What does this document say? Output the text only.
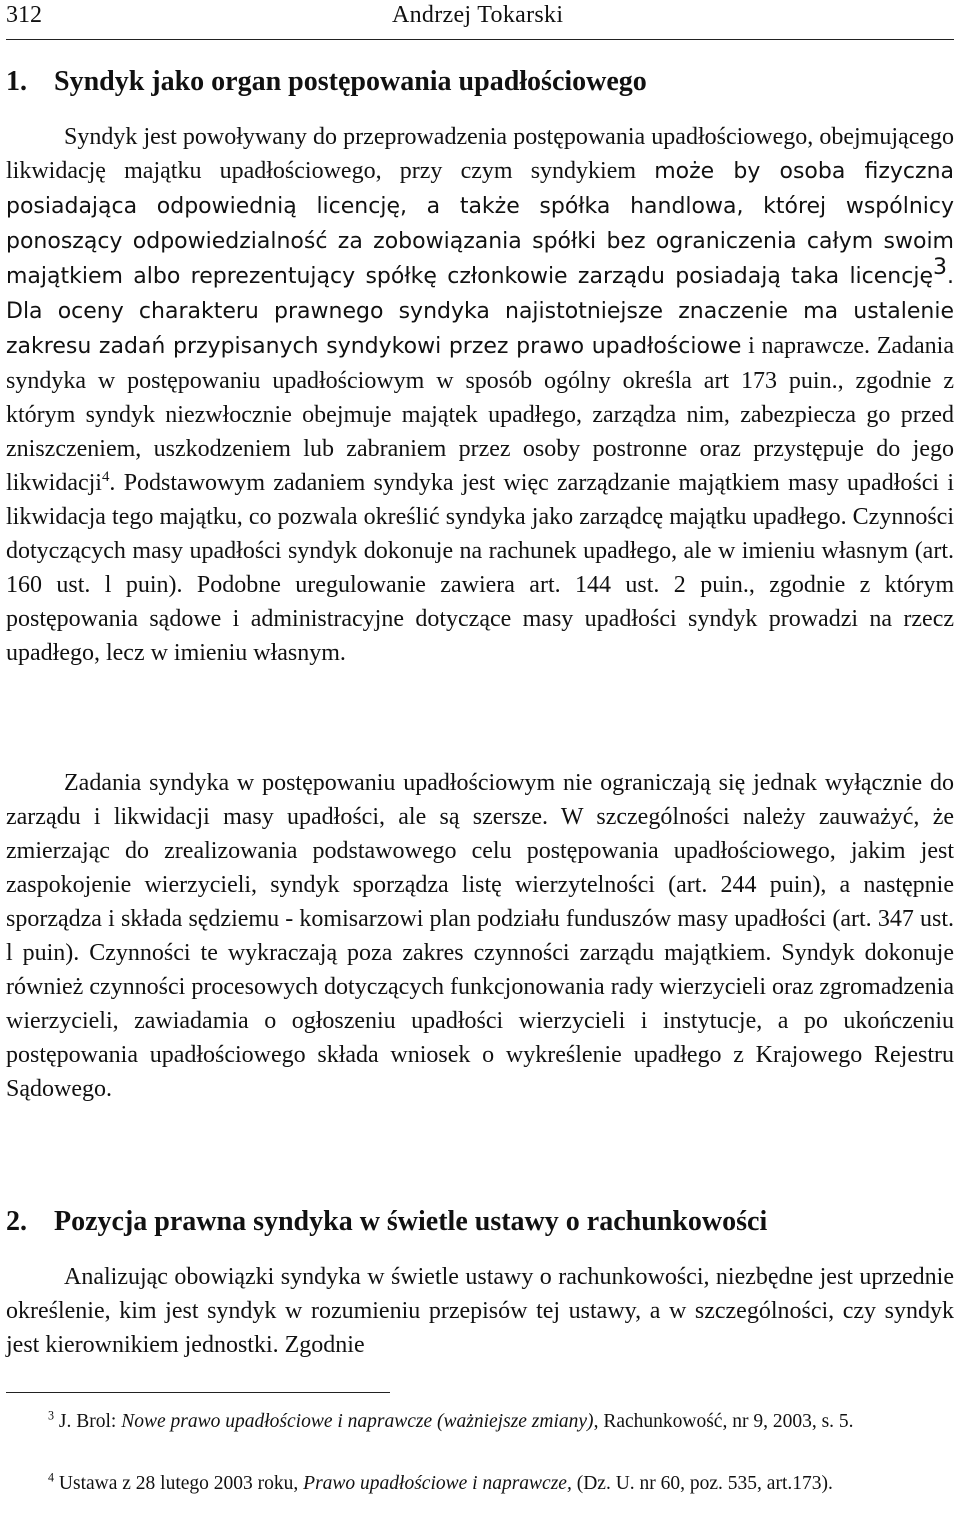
312	Andrzej Tokarski
1. Syndyk jako organ postępowania upadłościowego

Syndyk jest powoływany do przeprowadzenia postępowania upadłościowego, obejmującego likwidację majątku upadłościowego, przy czym syndykiem może by osoba fizyczna posiadająca odpowiednią licencję, a także spółka handlowa, której wspólnicy ponoszący odpowiedzialność za zobowiązania spółki bez ograniczenia całym swoim majątkiem albo reprezentujący spółkę członkowie zarządu posiadają taka licencję$^3$. Dla oceny charakteru prawnego syndyka najistotniejsze znaczenie ma ustalenie zakresu zadań przypisanych syndykowi przez prawo upadłościowe i naprawcze. Zadania syndyka w postępowaniu upadłościowym w sposób ogólny określa art 173 puin., zgodnie z którym syndyk niezwłocznie obejmuje majątek upadłego, zarządza nim, zabezpiecza go przed zniszczeniem, uszkodzeniem lub zabraniem przez osoby postronne oraz przystępuje do jego likwidacji$^4$. Podstawowym zadaniem syndyka jest więc zarządzanie majątkiem masy upadłości i likwidacja tego majątku, co pozwala określić syndyka jako zarządcę majątku upadłego. Czynności dotyczących masy upadłości syndyk dokonuje na rachunek upadłego, ale w imieniu własnym (art. 160 ust. l puin). Podobne uregulowanie zawiera art. 144 ust. 2 puin., zgodnie z którym postępowania sądowe i administracyjne dotyczące masy upadłości syndyk prowadzi na rzecz upadłego, lecz w imieniu własnym.

Zadania syndyka w postępowaniu upadłościowym nie ograniczają się jednak wyłącznie do zarządu i likwidacji masy upadłości, ale są szersze. W szczególności należy zauważyć, że zmierzając do zrealizowania podstawowego celu postępowania upadłościowego, jakim jest zaspokojenie wierzycieli, syndyk sporządza listę wierzytelności (art. 244 puin), a następnie sporządza i składa sędziemu - komisarzowi plan podziału funduszów masy upadłości (art. 347 ust. l puin). Czynności te wykraczają poza zakres czynności zarządu majątkiem. Syndyk dokonuje również czynności procesowych dotyczących funkcjonowania rady wierzycieli oraz zgromadzenia wierzycieli, zawiadamia o ogłoszeniu upadłości wierzycieli i instytucje, a po ukończeniu postępowania upadłościowego składa wniosek o wykreślenie upadłego z Krajowego Rejestru Sądowego.

2. Pozycja prawna syndyka w świetle ustawy o rachunkowości

Analizując obowiązki syndyka w świetle ustawy o rachunkowości, niezbędne jest uprzednie określenie, kim jest syndyk w rozumieniu przepisów tej ustawy, a w szczególności, czy syndyk jest kierownikiem jednostki. Zgodnie

$^3$ J. Brol: Nowe prawo upadłościowe i naprawcze (ważniejsze zmiany), Rachunkowość, nr 9, 2003, s. 5.

$^4$ Ustawa z 28 lutego 2003 roku, Prawo upadłościowe i naprawcze, (Dz. U. nr 60, poz. 535, art.173).
